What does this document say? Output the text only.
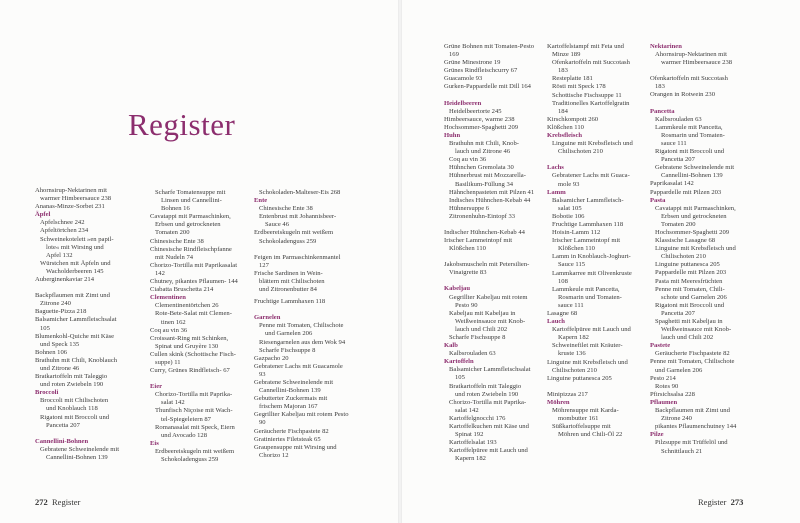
Register
Ahornsirup-Nektarinen mit
warmer Himbeersauce 238
Ananas-Minze-Sorbet 231
Äpfel
Apfelschnee 242
Apfeltörtchen 234
Schweinekotelett »en papil-
lote« mit Wirsing und
Apfel 132
Würstchen mit Äpfeln und
Wacholderbeeren 145
Auberginenkaviar 214
Backpflaumen mit Zimt und
Zitrone 240
Baguette-Pizza 218
Balsamicher Lammfleischsalat
105
Blumenkohl-Quiche mit Käse
und Speck 135
Bohnen 106
Brathuhn mit Chili, Knoblauch
und Zitrone 46
Bratkartoffeln mit Taleggio
und roten Zwiebeln 190
Broccoli
Broccoli mit Chilischoten
und Knoblauch 118
Rigatoni mit Broccoli und
Pancetta 207
Cannellini-Bohnen
Gebratene Schweinelende mit
Cannellini-Bohnen 139
Scharfe Tomatensuppe mit
Linsen und Cannellini-
Bohnen 16
Cavatappi mit Parmaschinken,
Erbsen und getrockneten
Tomaten 200
Chinesische Ente 38
Chinesische Rindfleischpfanne
mit Nudeln 74
Chorizo-Tortilla mit Paprikasalat
142
Chutney, pikantes Pflaumen- 144
Ciabatta Bruschetta 214
Clementinen
Clementinentörtchen 26
Rote-Bete-Salat mit Clemen-
tinen 162
Coq au vin 36
Croissant-Ring mit Schinken,
Spinat und Gruyère 130
Cullen skink (Schottische Fisch-
suppe) 11
Curry, Grünes Rindfleisch- 67
Eier
Chorizo-Tortilla mit Paprika-
salat 142
Thunfisch Niçoise mit Wach-
tel-Spiegeleiern 87
Romanasalat mit Speck, Eiern
und Avocado 128
Eis
Erdbeereiskugeln mit weißem
Schokoladenguss 259
Schokoladen-Malteser-Eis 268
Ente
Chinesische Ente 38
Entenbrust mit Johannisbeer-
Sauce 46
Erdbeereiskugeln mit weißem
Schokoladenguss 259
Feigen im Parmaschinkenmantel
127
Frische Sardinen in Wein-
blättern mit Chilischoten
und Zitronenbutter 84
Fruchtige Lammhaxen 118
Garnelen
Penne mit Tomaten, Chilischote
und Garnelen 206
Riesengarnelen aus dem Wok 94
Scharfe Fischsuppe 8
Gazpacho 20
Gebratener Lachs mit Guacamole
93
Gebratene Schweinelende mit
Cannellini-Bohnen 139
Gebutterter Zuckermais mit
frischem Majoran 167
Gegrillter Kabeljau mit rotem Pesto
90
Geräucherte Fischpastete 82
Gratiniertes Filetsteak 65
Graupensuppe mit Wirsing und
Chorizo 12
272 Register
Grüne Bohnen mit Tomaten-Pesto
169
Grüne Minestrone 19
Grünes Rindfleischcurry 67
Guacamole 93
Gurken-Pappardelle mit Dill 164
Heidelbeeren
Heidelbeertorte 245
Himbeersauce, warme 238
Hochsommer-Spaghetti 209
Huhn
Brathuhn mit Chili, Knob-
lauch und Zitrone 46
Coq au vin 36
Hühnchen Gremolata 30
Hühnerbrust mit Mozzarella-
Basilikum-Füllung 34
Hähnchenpasteten mit Pilzen 41
Indisches Hühnchen-Kebab 44
Hühnersuppe 6
Zitronenhuhn-Eintopf 33
Indischer Hühnchen-Kebab 44
Irischer Lammeintopf mit
Klößchen 110
Jakobsmuscheln mit Petersilien-
Vinaigrette 83
Kabeljau
Gegrillter Kabeljau mit rotem
Pesto 90
Kabeljau mit Kabeljau in
Weißweinsauce mit Knob-
lauch und Chili 202
Scharfe Fischsuppe 8
Kalb
Kalbsrouladen 63
Kartoffeln
Balsamicher Lammfleischsalat
105
Bratkartoffeln mit Taleggio
und roten Zwiebeln 190
Chorizo-Tortilla mit Paprika-
salat 142
Kartoffelgnocchi 176
Kartoffelkuchen mit Käse und
Spinat 192
Kartoffelsalat 193
Kartoffelpüree mit Lauch und
Kapern 182
Kartoffelstampf mit Feta und
Minze 189
Ofenkartoffeln mit Succotash
183
Resteplatte 181
Rösti mit Speck 178
Schottische Fischsuppe 11
Traditionelles Kartoffelgratin
184
Kirschkompott 260
Klößchen 110
Krebsfleisch
Linguine mit Krebsfleisch und
Chilischoten 210
Lachs
Gebratener Lachs mit Guaca-
mole 93
Lamm
Balsamicher Lammfleisch-
salat 105
Bobotie 106
Fruchtige Lammhaxen 118
Hoisin-Lamm 112
Irischer Lammeintopf mit
Klößchen 110
Lamm in Knoblauch-Joghurt-
Sauce 115
Lammkarree mit Olivenkruste
108
Lammkeule mit Pancetta,
Rosmarin und Tomaten-
sauce 111
Lasagne 68
Lauch
Kartoffelpüree mit Lauch und
Kapern 182
Schweinefilet mit Kräuter-
kruste 136
Linguine mit Krebsfleisch und
Chilischoten 210
Linguine puttanesca 205
Minipizzas 217
Möhren
Möhrensuppe mit Karda-
mombutter 161
Süßkartoffelsuppe mit
Möhren und Chili-Öl 22
Nektarinen
Ahornsirup-Nektarinen mit
warmer Himbeersauce 238
Ofenkartoffeln mit Succotash
183
Orangen in Rotwein 230
Pancetta
Kalbsrouladen 63
Lammkeule mit Pancetta,
Rosmarin und Tomaten-
sauce 111
Rigatoni mit Broccoli und
Pancetta 207
Gebratene Schweinelende mit
Cannellini-Bohnen 139
Paprikasalat 142
Pappardelle mit Pilzen 203
Pasta
Cavatappi mit Parmaschinken,
Erbsen und getrockneten
Tomaten 200
Hochsommer-Spaghetti 209
Klassische Lasagne 68
Linguine mit Krebsfleisch und
Chilischoten 210
Linguine puttanesca 205
Pappardelle mit Pilzen 203
Pasta mit Meeresfrüchten
Penne mit Tomaten, Chili-
schote und Garnelen 206
Rigatoni mit Broccoli und
Pancetta 207
Spaghetti mit Kabeljau in
Weißweinsauce mit Knob-
lauch und Chili 202
Pastete
Geräucherte Fischpastete 82
Penne mit Tomaten, Chilischote
und Garnelen 206
Pesto 214
Rotes 90
Pfirsichsalsa 228
Pflaumen
Backpflaumen mit Zimt und
Zitrone 240
pikantes Pflaumenchutney 144
Pilze
Pilzsuppe mit Trüffelöl und
Schnittlauch 21
Register 273
